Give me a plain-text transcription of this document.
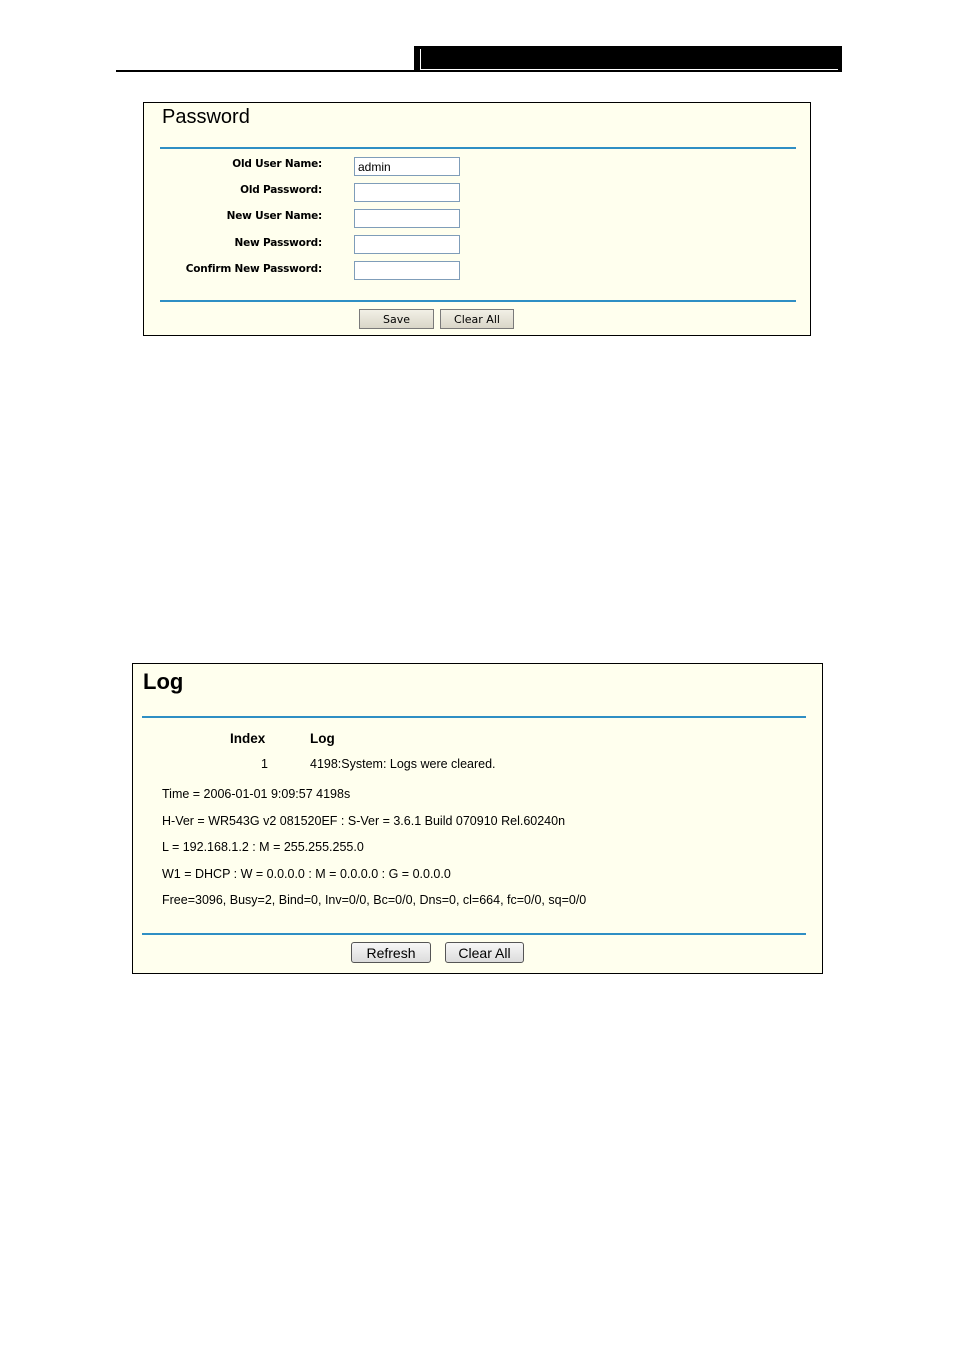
Password
Old User Name:
admin
Old Password:
New User Name:
New Password:
Confirm New Password:
Save	Clear All
Log
Index	Log
1	4198:System: Logs were cleared.
Time = 2006-01-01 9:09:57 4198s
H-Ver = WR543G v2 081520EF : S-Ver = 3.6.1 Build 070910 Rel.60240n
L = 192.168.1.2 : M = 255.255.255.0
W1 = DHCP : W = 0.0.0.0 : M = 0.0.0.0 : G = 0.0.0.0
Free=3096, Busy=2, Bind=0, Inv=0/0, Bc=0/0, Dns=0, cl=664, fc=0/0, sq=0/0
Refresh	Clear All
